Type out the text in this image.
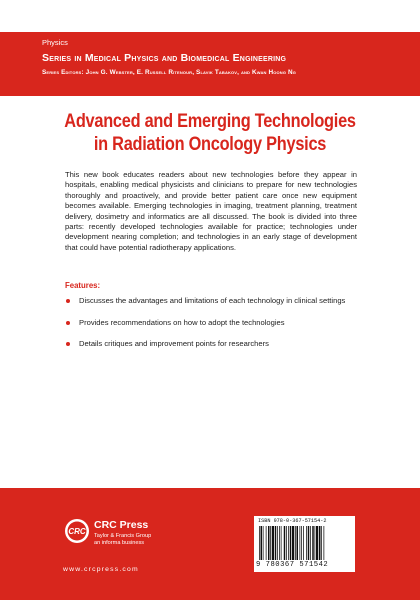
Physics
Series in Medical Physics and Biomedical Engineering
Series Editors: John G. Webster, E. Russell Ritenour, Slavik Tabakov, and Kwan Hoong Ng
Advanced and Emerging Technologies
in Radiation Oncology Physics
This new book educates readers about new technologies before they appear in hospitals, enabling medical physicists and clinicians to prepare for new technologies thoroughly and proactively, and provide better patient care once new equipment becomes available. Emerging technologies in imaging, treatment planning, treatment delivery, dosimetry and informatics are all discussed. The book is divided into three parts: recently developed technologies available for practice; technologies under development nearing completion; and technologies in an early stage of development that could have potential radiotherapy applications.
Features:
Discusses the advantages and limitations of each technology in clinical settings
Provides recommendations on how to adopt the technologies
Details critiques and improvement points for researchers
CRC
CRC Press
Taylor & Francis Group
an informa business
www.crcpress.com
ISBN 978-0-367-57154-2
9 780367 571542
